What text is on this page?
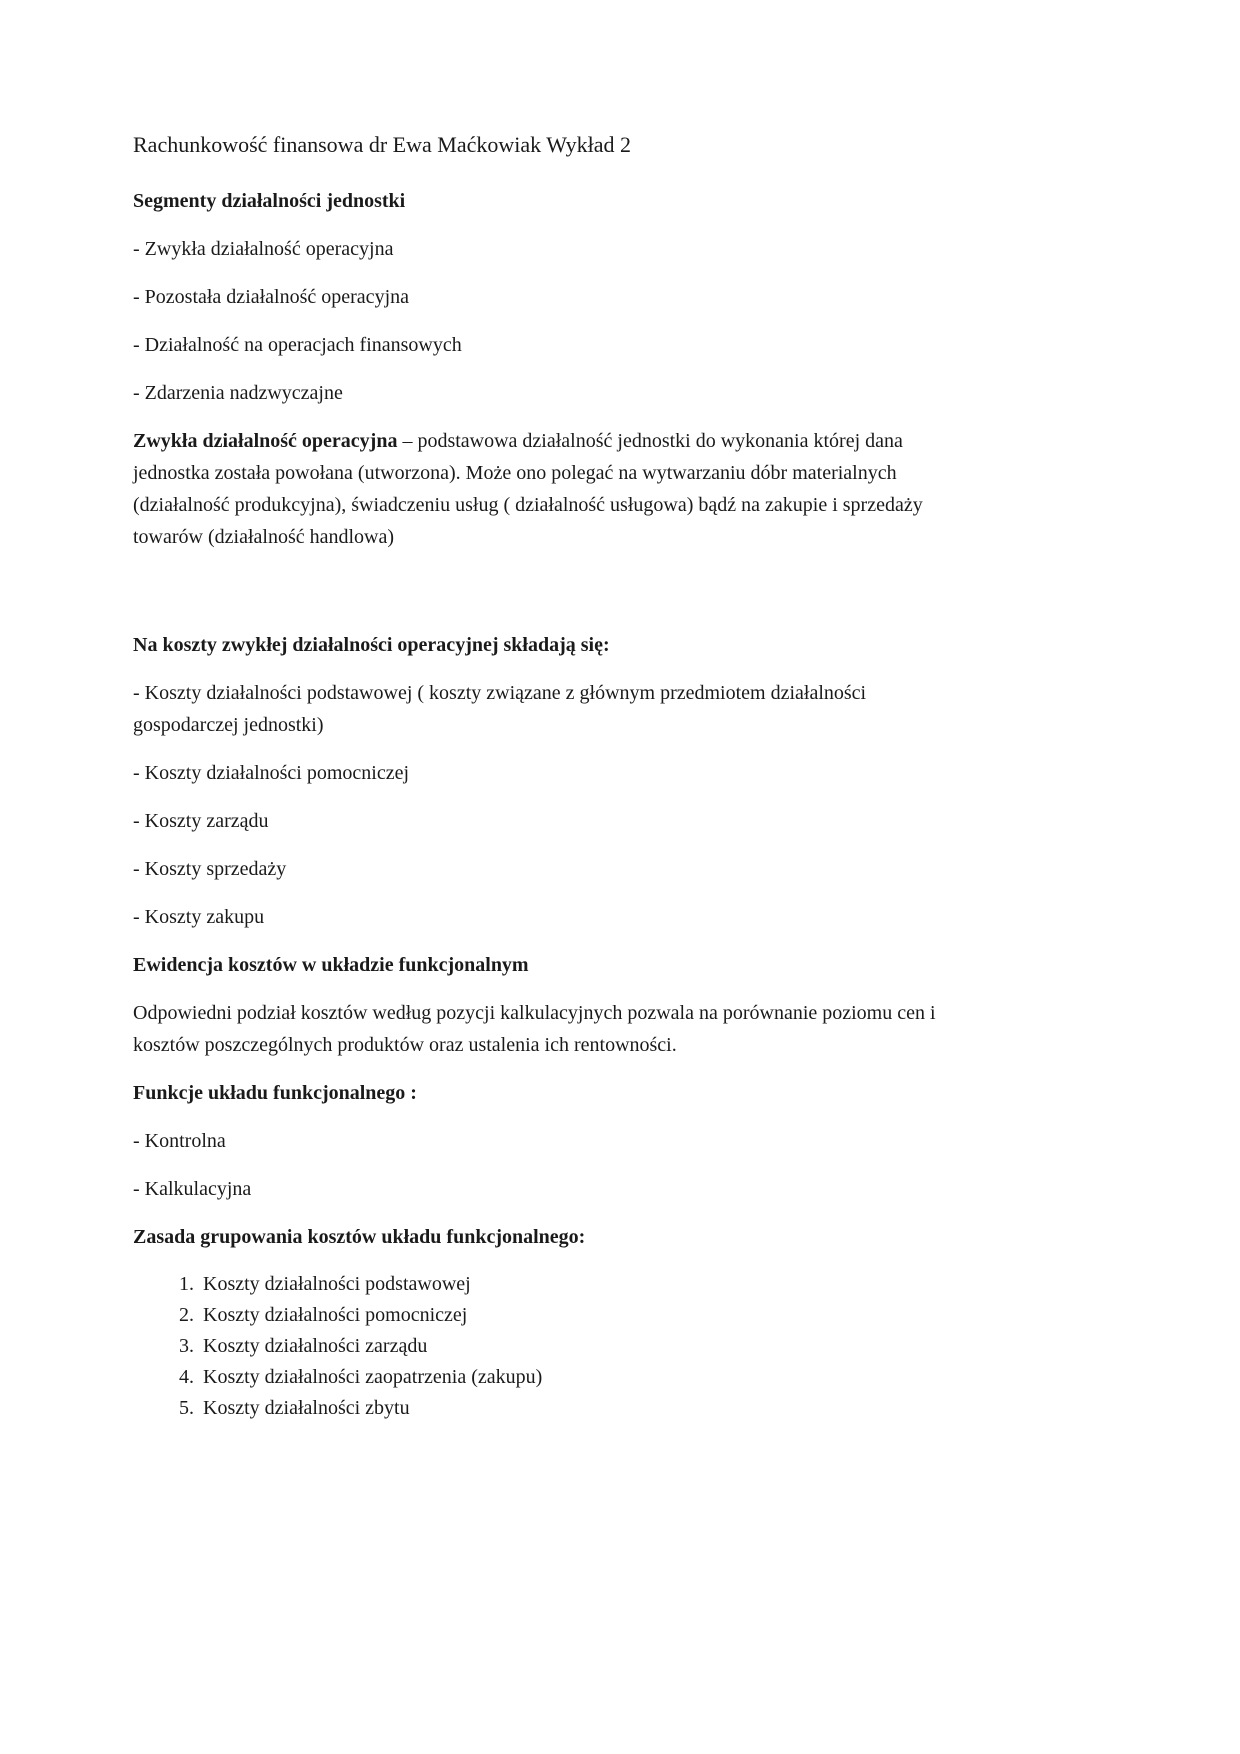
Rachunkowość finansowa dr Ewa Maćkowiak Wykład 2

Segmenty działalności jednostki

- Zwykła działalność operacyjna

- Pozostała działalność operacyjna

- Działalność na operacjach finansowych

- Zdarzenia nadzwyczajne

Zwykła działalność operacyjna – podstawowa działalność jednostki do wykonania której dana jednostka została powołana (utworzona). Może ono polegać na wytwarzaniu dóbr materialnych (działalność produkcyjna), świadczeniu usług ( działalność usługowa) bądź na zakupie i sprzedaży towarów (działalność handlowa)

Na koszty zwykłej działalności operacyjnej składają się:

- Koszty działalności podstawowej ( koszty związane z głównym przedmiotem działalności gospodarczej jednostki)

- Koszty działalności pomocniczej

- Koszty zarządu

- Koszty sprzedaży

- Koszty zakupu

Ewidencja kosztów w układzie funkcjonalnym

Odpowiedni podział kosztów według pozycji kalkulacyjnych pozwala na porównanie poziomu cen i kosztów poszczególnych produktów oraz ustalenia ich rentowności.

Funkcje układu funkcjonalnego :

- Kontrolna

- Kalkulacyjna

Zasada grupowania kosztów układu funkcjonalnego:

1. Koszty działalności podstawowej
2. Koszty działalności pomocniczej
3. Koszty działalności zarządu
4. Koszty działalności zaopatrzenia (zakupu)
5. Koszty działalności zbytu
